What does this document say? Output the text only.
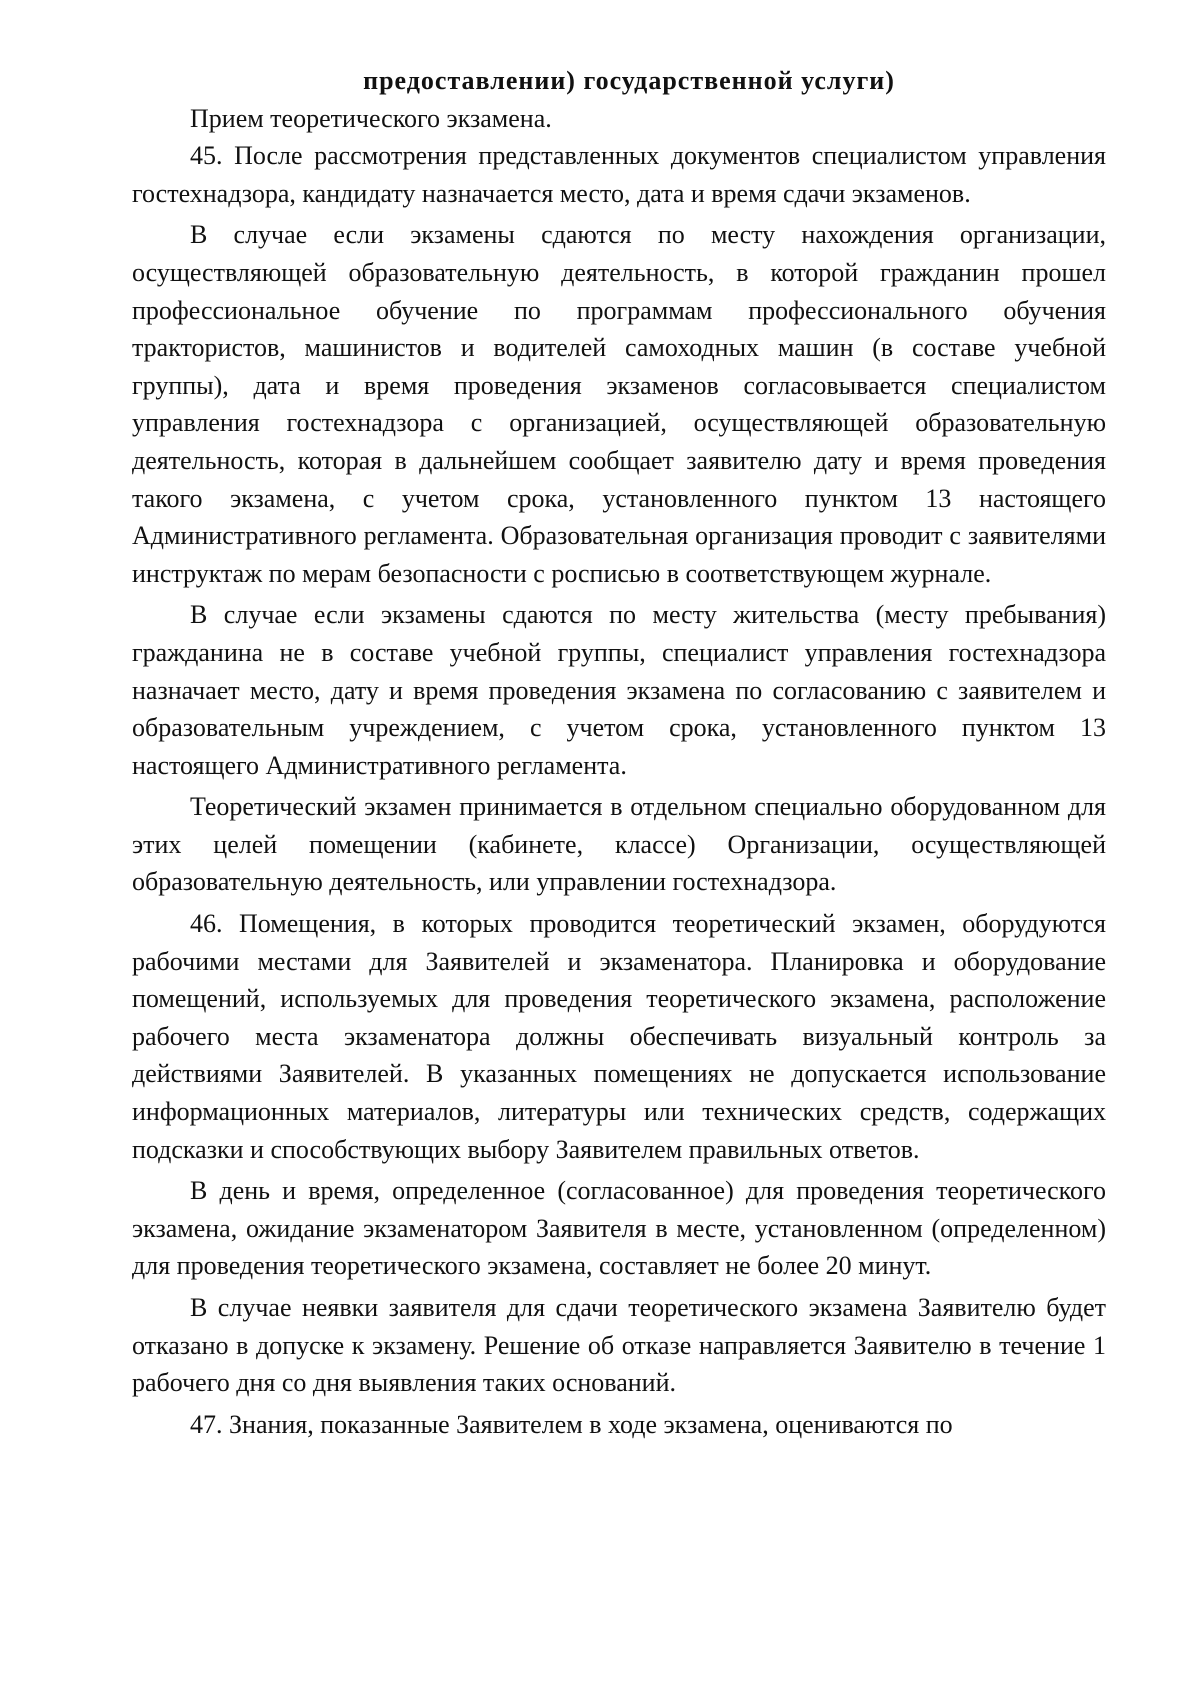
предоставлении) государственной услуги)

Прием теоретического экзамена.

45. После рассмотрения представленных документов специалистом управления гостехнадзора, кандидату назначается место, дата и время сдачи экзаменов.

В случае если экзамены сдаются по месту нахождения организации, осуществляющей образовательную деятельность, в которой гражданин прошел профессиональное обучение по программам профессионального обучения трактористов, машинистов и водителей самоходных машин (в составе учебной группы), дата и время проведения экзаменов согласовывается специалистом управления гостехнадзора с организацией, осуществляющей образовательную деятельность, которая в дальнейшем сообщает заявителю дату и время проведения такого экзамена, с учетом срока, установленного пунктом 13 настоящего Административного регламента. Образовательная организация проводит с заявителями инструктаж по мерам безопасности с росписью в соответствующем журнале.

В случае если экзамены сдаются по месту жительства (месту пребывания) гражданина не в составе учебной группы, специалист управления гостехнадзора назначает место, дату и время проведения экзамена по согласованию с заявителем и образовательным учреждением, с учетом срока, установленного пунктом 13 настоящего Административного регламента.

Теоретический экзамен принимается в отдельном специально оборудованном для этих целей помещении (кабинете, классе) Организации, осуществляющей образовательную деятельность, или управлении гостехнадзора.

46. Помещения, в которых проводится теоретический экзамен, оборудуются рабочими местами для Заявителей и экзаменатора. Планировка и оборудование помещений, используемых для проведения теоретического экзамена, расположение рабочего места экзаменатора должны обеспечивать визуальный контроль за действиями Заявителей. В указанных помещениях не допускается использование информационных материалов, литературы или технических средств, содержащих подсказки и способствующих выбору Заявителем правильных ответов.

В день и время, определенное (согласованное) для проведения теоретического экзамена, ожидание экзаменатором Заявителя в месте, установленном (определенном) для проведения теоретического экзамена, составляет не более 20 минут.

В случае неявки заявителя для сдачи теоретического экзамена Заявителю будет отказано в допуске к экзамену. Решение об отказе направляется Заявителю в течение 1 рабочего дня со дня выявления таких оснований.

47. Знания, показанные Заявителем в ходе экзамена, оцениваются по
